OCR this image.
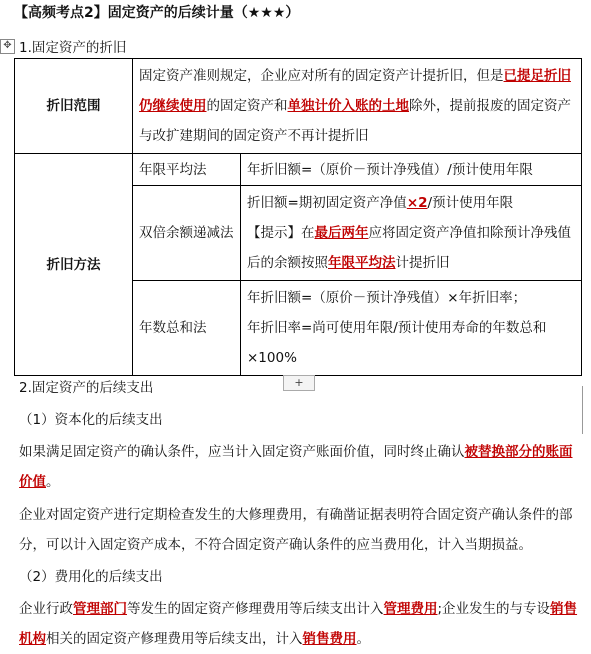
【高频考点2】固定资产的后续计量（★★★）
✥ 1.固定资产的折旧
折旧范围	固定资产准则规定，企业应对所有的固定资产计提折旧，但是已提足折旧仍继续使用的固定资产和单独计价入账的土地除外，提前报废的固定资产与改扩建期间的固定资产不再计提折旧	
折旧方法	年限平均法	年折旧额=（原价－预计净残值）/预计使用年限
	双倍余额递减法	折旧额=期初固定资产净值×2/预计使用年限
【提示】在最后两年应将固定资产净值扣除预计净残值后的余额按照年限平均法计提折旧
	年数总和法	年折旧额=（原价－预计净残值）×年折旧率；
年折旧率=尚可使用年限/预计使用寿命的年数总和×100%
+
2.固定资产的后续支出
（1）资本化的后续支出
如果满足固定资产的确认条件，应当计入固定资产账面价值，同时终止确认被替换部分的账面价值。
企业对固定资产进行定期检查发生的大修理费用，有确凿证据表明符合固定资产确认条件的部分，可以计入固定资产成本，不符合固定资产确认条件的应当费用化，计入当期损益。
（2）费用化的后续支出
企业行政管理部门等发生的固定资产修理费用等后续支出计入管理费用;企业发生的与专设销售机构相关的固定资产修理费用等后续支出，计入销售费用。
